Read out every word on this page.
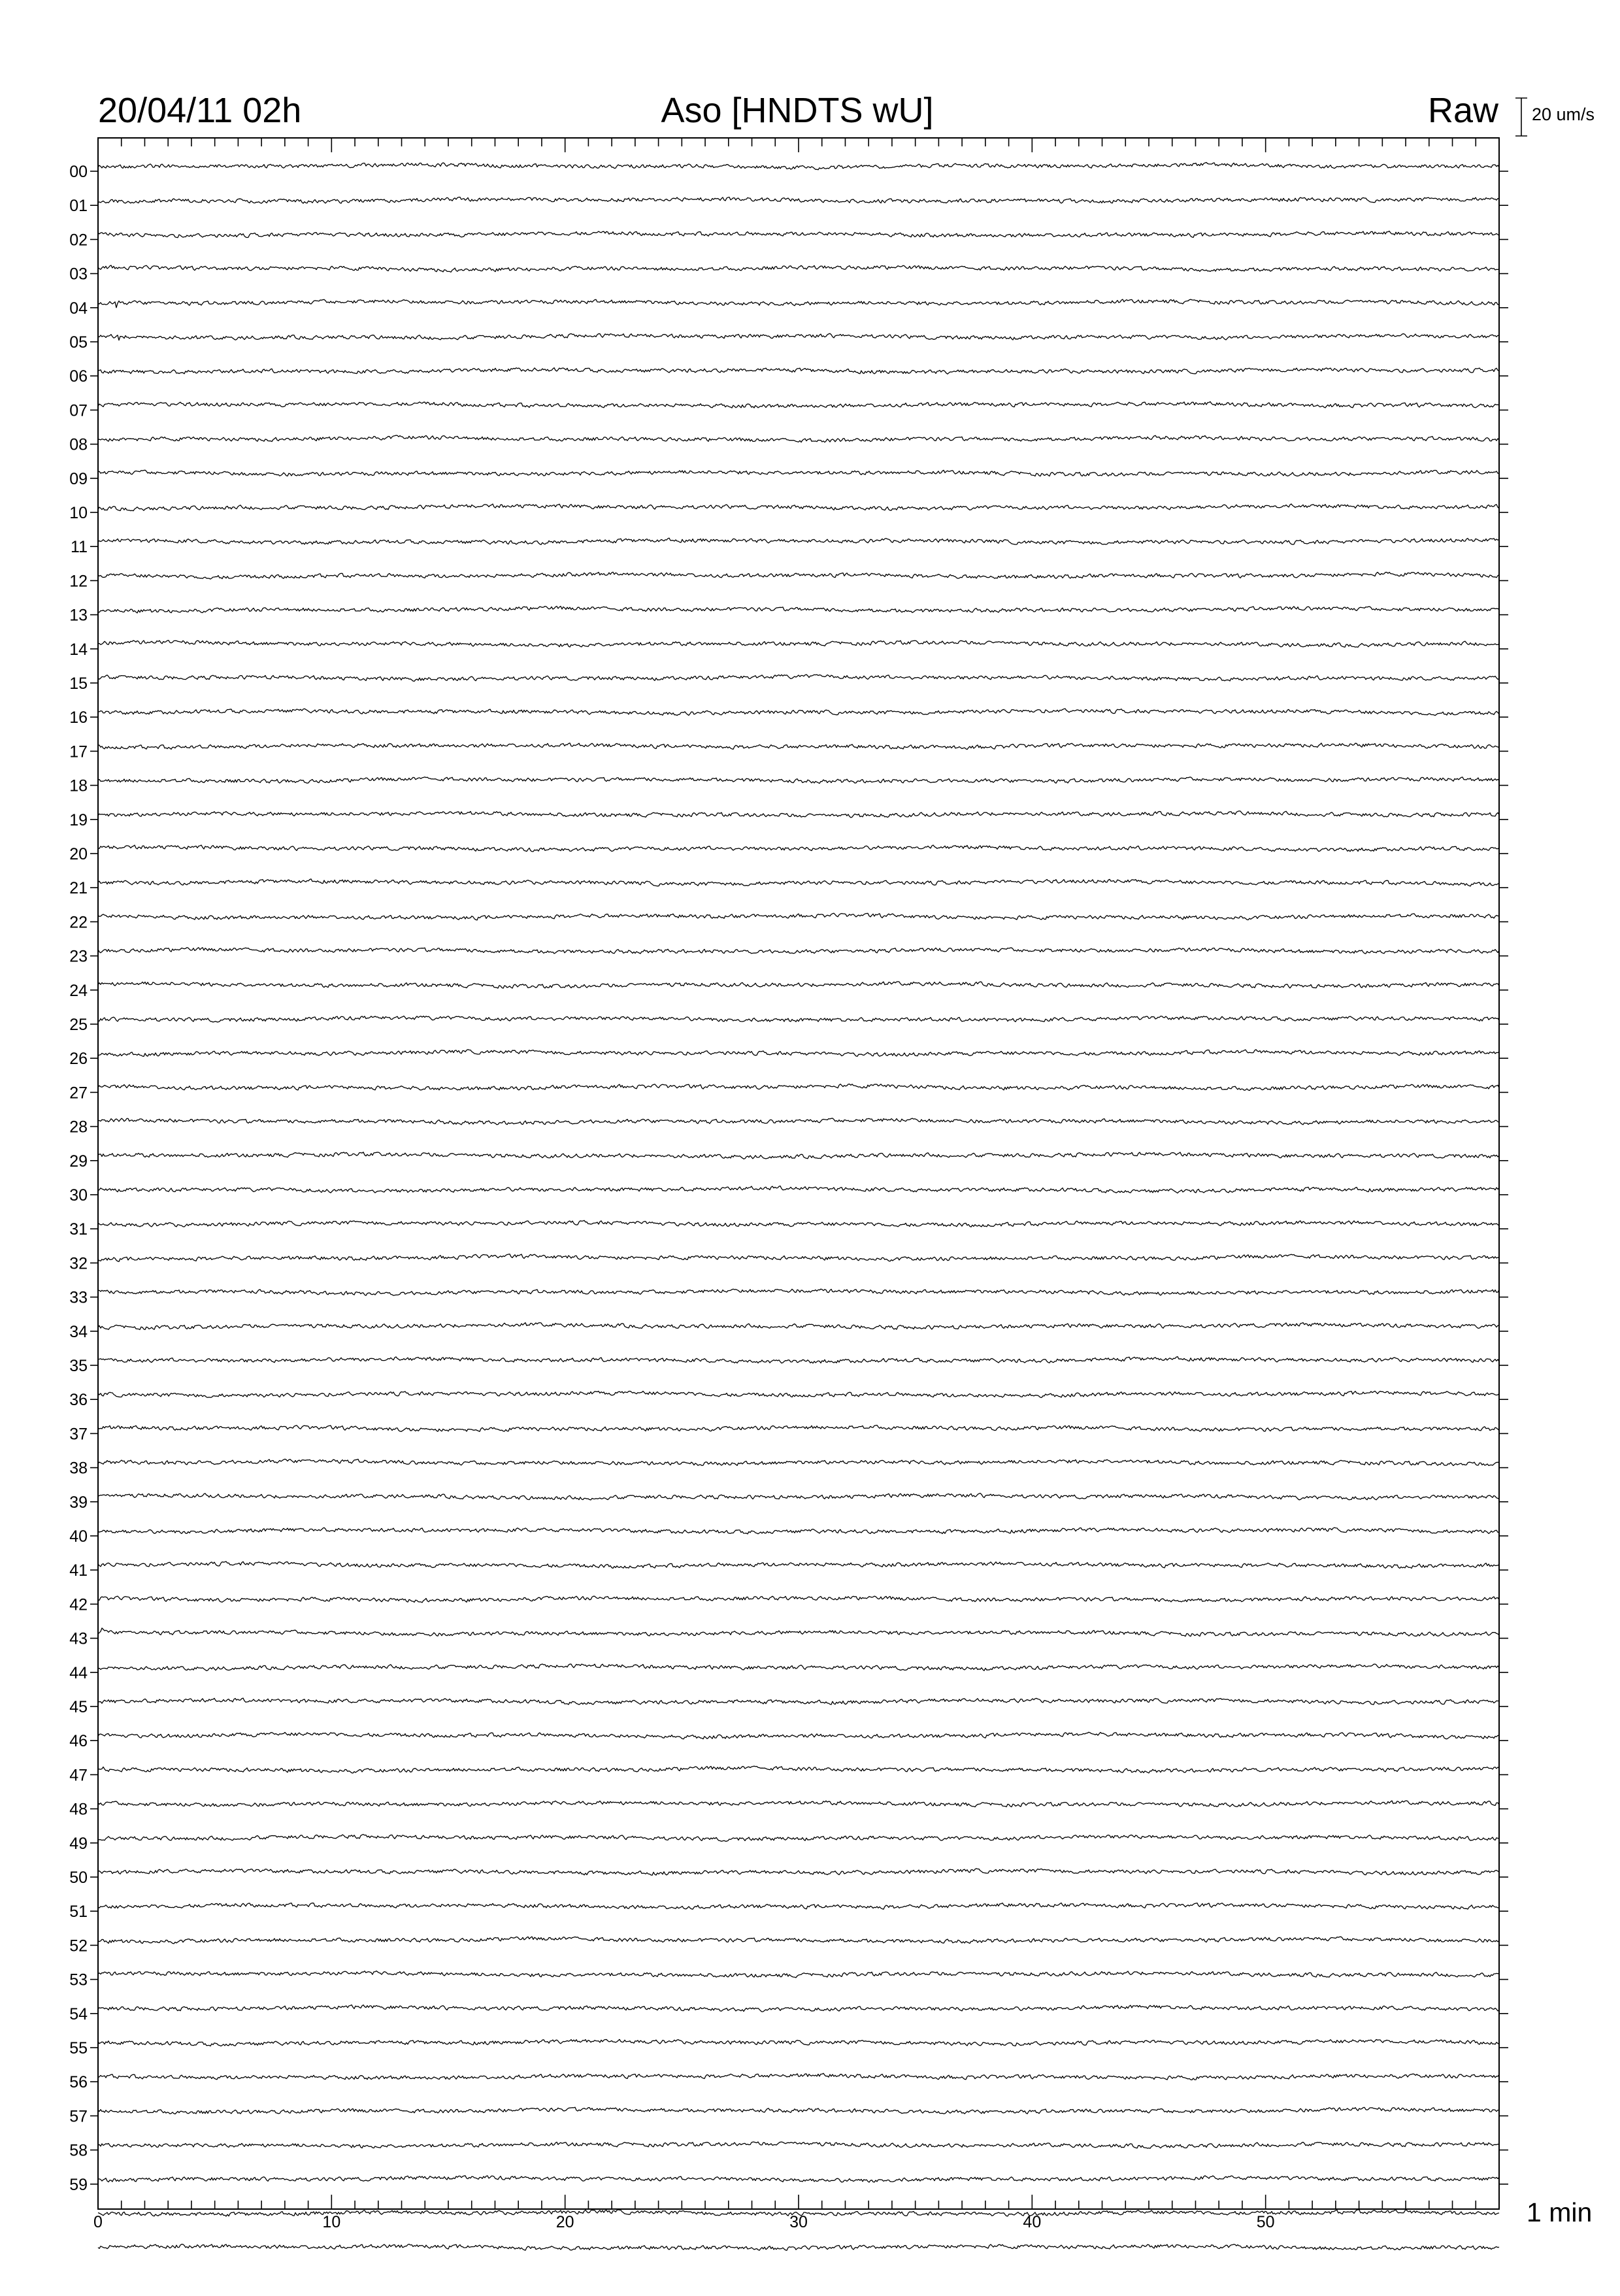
00
01
02
03
04
05
06
07
08
09
10
11
12
13
14
15
16
17
18
19
20
21
22
23
24
25
26
27
28
29
30
31
32
33
34
35
36
37
38
39
40
41
42
43
44
45
46
47
48
49
50
51
52
53
54
55
56
57
58
59
0	10	20	30	40	50
20/04/11 02h	Aso [HNDTS wU]	Raw 20 um/s
1 min
